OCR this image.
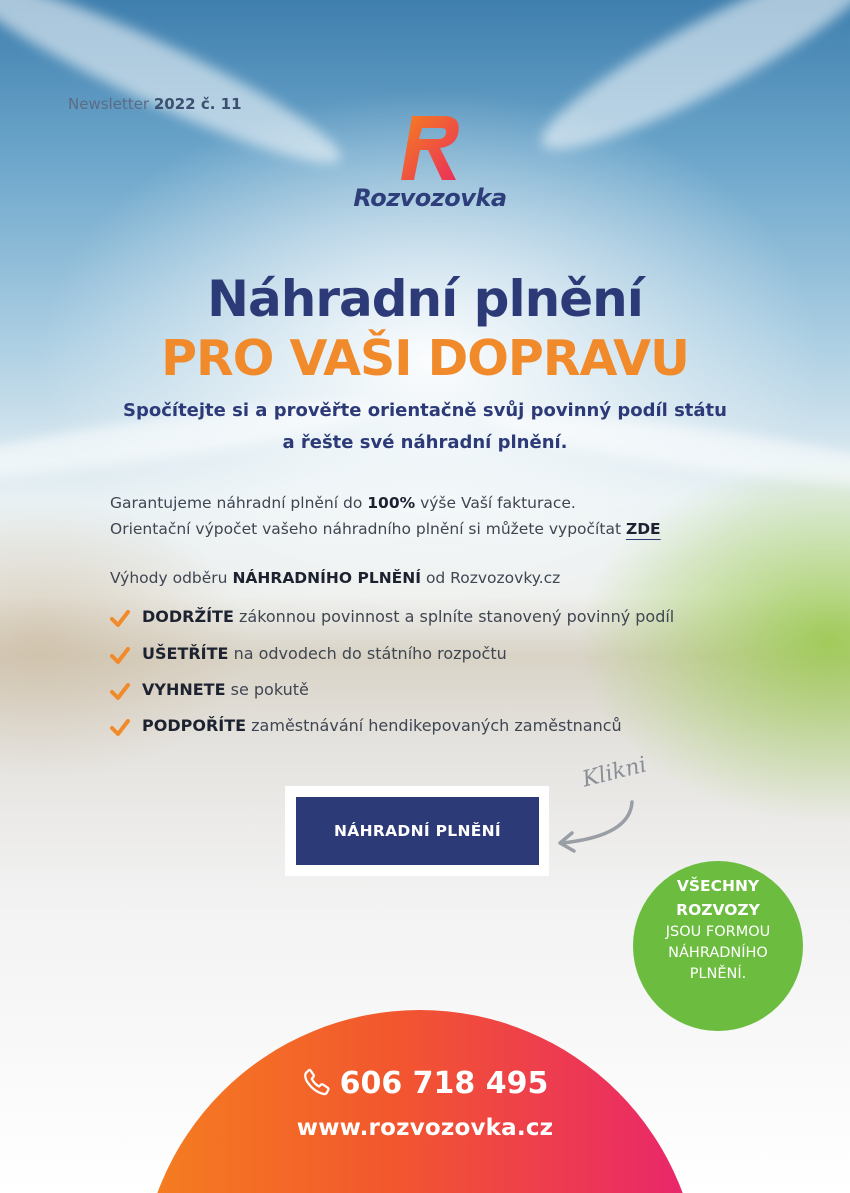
Newsletter 2022 č. 11
Rozvozovka
Náhradní plnění
PRO VAŠI DOPRAVU
Spočítejte si a prověřte orientačně svůj povinný podíl státu
a řešte své náhradní plnění.
Garantujeme náhradní plnění do 100% výše Vaší fakturace.
Orientační výpočet vašeho náhradního plnění si můžete vypočítat ZDE
Výhody odběru NÁHRADNÍHO PLNĚNÍ od Rozvozovky.cz
DODRŽÍTE zákonnou povinnost a splníte stanovený povinný podíl
UŠETŘÍTE na odvodech do státního rozpočtu
VYHNETE se pokutě
PODPOŘÍTE zaměstnávání hendikepovaných zaměstnanců
NÁHRADNÍ PLNĚNÍ
Klikni
VŠECHNY
ROZVOZY
JSOU FORMOU
NÁHRADNÍHO
PLNĚNÍ.
606 718 495
www.rozvozovka.cz
